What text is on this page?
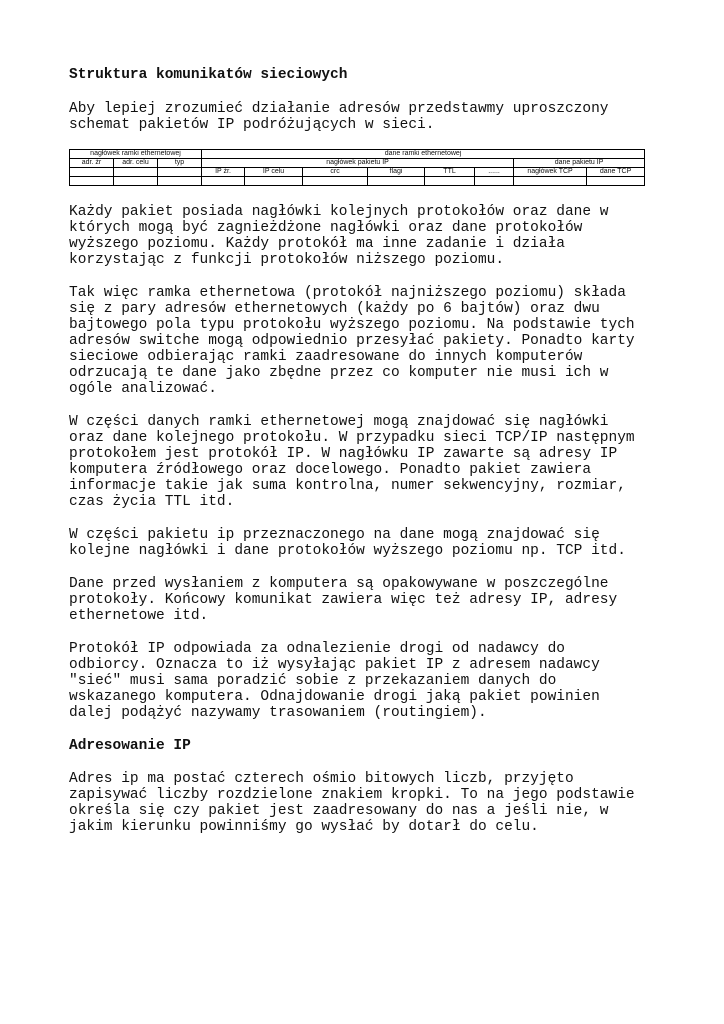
Struktura komunikatów sieciowych

Aby lepiej zrozumieć działanie adresów przedstawmy uproszczony
schemat pakietów IP podróżujących w sieci.

nagłówek ramki ethernetowej			dane ramki ethernetowej							
adr. źr	adr. celu	typ	nagłówek pakietu IP						dane pakietu IP	
			IP źr.	IP celu	crc	flagi	TTL	......	nagłówek TCP	dane TCP

Każdy pakiet posiada nagłówki kolejnych protokołów oraz dane w
których mogą być zagnieżdżone nagłówki oraz dane protokołów
wyższego poziomu. Każdy protokół ma inne zadanie i działa
korzystając z funkcji protokołów niższego poziomu.

Tak więc ramka ethernetowa (protokół najniższego poziomu) składa
się z pary adresów ethernetowych (każdy po 6 bajtów) oraz dwu
bajtowego pola typu protokołu wyższego poziomu. Na podstawie tych
adresów switche mogą odpowiednio przesyłać pakiety. Ponadto karty
sieciowe odbierając ramki zaadresowane do innych komputerów
odrzucają te dane jako zbędne przez co komputer nie musi ich w
ogóle analizować.

W części danych ramki ethernetowej mogą znajdować się nagłówki
oraz dane kolejnego protokołu. W przypadku sieci TCP/IP następnym
protokołem jest protokół IP. W nagłówku IP zawarte są adresy IP
komputera źródłowego oraz docelowego. Ponadto pakiet zawiera
informacje takie jak suma kontrolna, numer sekwencyjny, rozmiar,
czas życia TTL itd.

W części pakietu ip przeznaczonego na dane mogą znajdować się
kolejne nagłówki i dane protokołów wyższego poziomu np. TCP itd.

Dane przed wysłaniem z komputera są opakowywane w poszczególne
protokoły. Końcowy komunikat zawiera więc też adresy IP, adresy
ethernetowe itd.

Protokół IP odpowiada za odnalezienie drogi od nadawcy do
odbiorcy. Oznacza to iż wysyłając pakiet IP z adresem nadawcy
"sieć" musi sama poradzić sobie z przekazaniem danych do
wskazanego komputera. Odnajdowanie drogi jaką pakiet powinien
dalej podążyć nazywamy trasowaniem (routingiem).

Adresowanie IP

Adres ip ma postać czterech ośmio bitowych liczb, przyjęto
zapisywać liczby rozdzielone znakiem kropki. To na jego podstawie
określa się czy pakiet jest zaadresowany do nas a jeśli nie, w
jakim kierunku powinniśmy go wysłać by dotarł do celu.
